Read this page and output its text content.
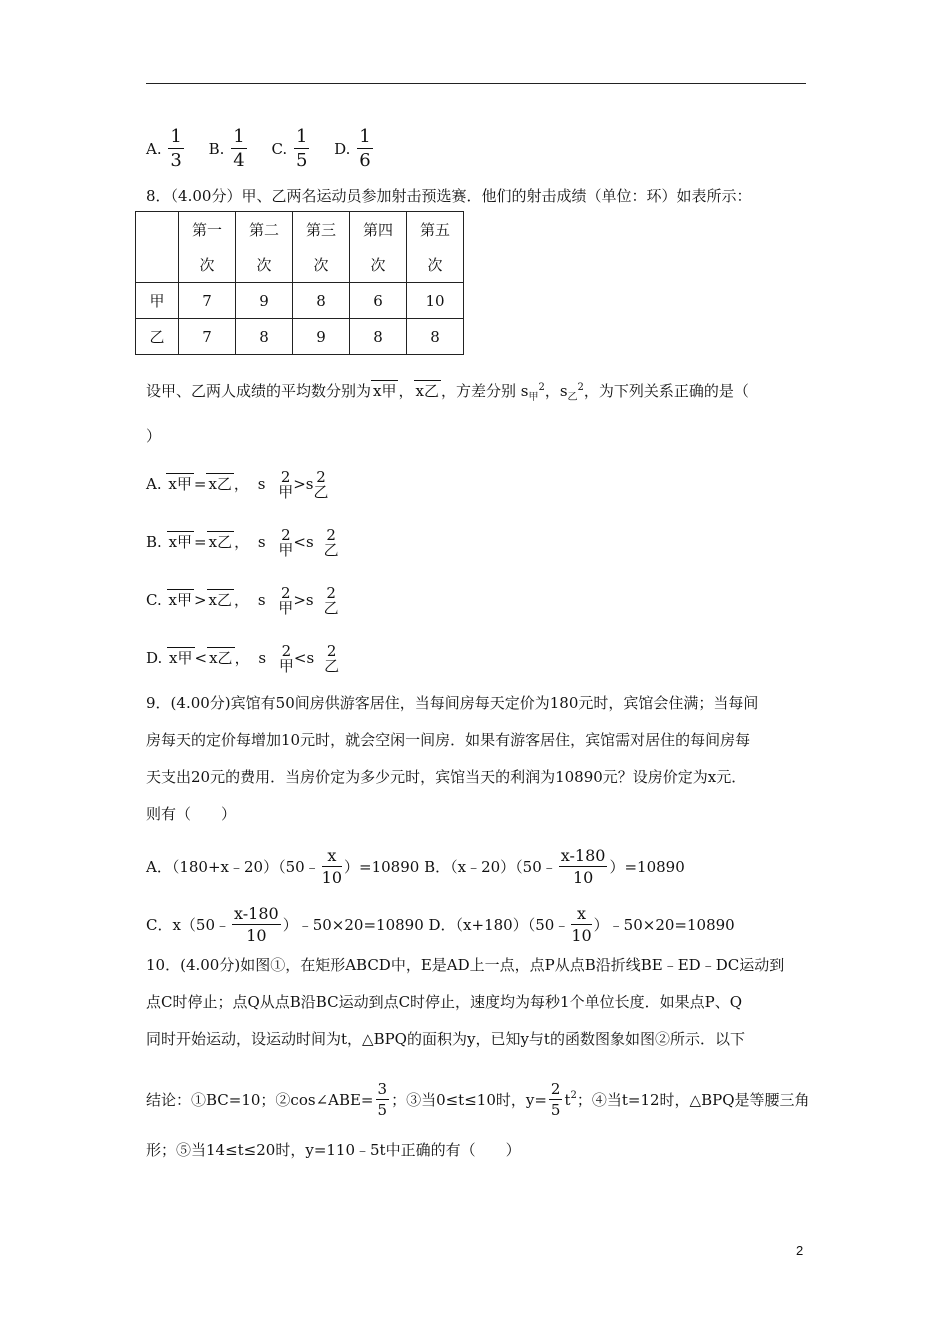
A. $\frac{1}{3} B$. $\frac{1}{4} C$. $\frac{1}{5} D$. $\frac{1}{6}$
8．（4.00分）甲、乙两名运动员参加射击预选赛．他们的射击成绩（单位：环）如表所示：
	第一	第二	第三	第四	第五
	次	次	次	次	次
甲	7	9	8	6	10
乙	7	8	9	8	8
设甲、乙两人成绩的平均数分别为 x甲 ， x乙 ，方差分别 $s_甲^2$，$s_乙^2$，为下列关系正确的是（
）
A. x甲 = x乙 ， s 2
甲 >s 2
乙
B. x甲 = x乙 ， s 2
甲 <s 2
乙
C. x甲 > x乙 ， s 2
甲 >s 2
乙
D. x甲 < x乙 ， s 2
甲 <s 2
乙
9．(4.00分)宾馆有50间房供游客居住，当每间房每天定价为180元时，宾馆会住满；当每间
房每天的定价每增加10元时，就会空闲一间房．如果有游客居住，宾馆需对居住的每间房每
天支出20元的费用．当房价定为多少元时，宾馆当天的利润为10890元？设房价定为x元．
则有（　　）
A．（180+x﹣20）（50﹣ $\frac{x}{10} )=10890$ B．（x﹣20）（50﹣ $\frac{x-180}{10} )=10890$
C．x（50﹣ $\frac{x-180}{10}$ ）﹣50×20=10890 D．（x+180）（50﹣ $\frac{x}{10}$ ）﹣50×20=10890
10．(4.00分)如图①，在矩形ABCD中，E是AD上一点，点P从点B沿折线BE﹣ED﹣DC运动到
点C时停止；点Q从点B沿BC运动到点C时停止，速度均为每秒1个单位长度．如果点P、Q
同时开始运动，设运动时间为t，△BPQ的面积为y，已知y与t的函数图象如图②所示．以下
结论：①BC=10；②cos∠ABE= $\frac{3}{5}$ ；③当0≤t≤10时，$y= \frac{2}{5} t^2$；④当t=12时，△BPQ是等腰三角
形；⑤当14≤t≤20时，y=110﹣5t中正确的有（　　）
2
